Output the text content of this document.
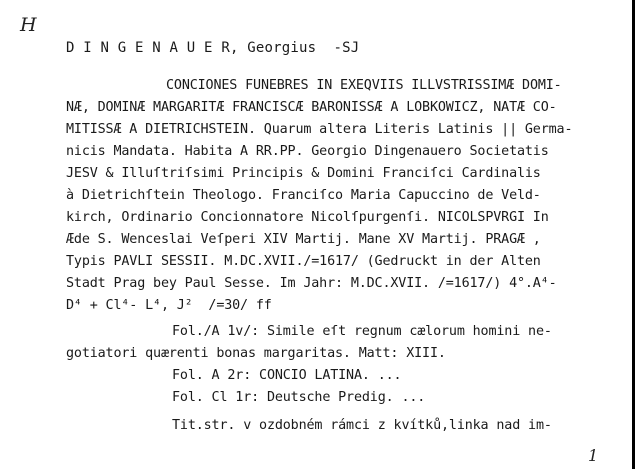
H
D I N G E N A U E R, Georgius  -SJ
CONCIONES FUNEBRES IN EXEQVIIS ILLVSTRISSIMÆ DOMI-
NÆ, DOMINÆ MARGARITÆ FRANCISCÆ BARONISSÆ A LOBKOWICZ, NATÆ CO-
MITISSÆ A DIETRICHSTEIN. Quarum altera Literis Latinis || Germa-
nicis Mandata. Habita A RR.PP. Georgio Dingenauero Societatis
JESV & Illuſtriſsimi Principis & Domini Franciſci Cardinalis
à Dietrichſtein Theologo. Franciſco Maria Capuccino de Veld-
kirch, Ordinario Concionnatore Nicolſpurgenſi. NICOLSPVRGI In
Æde S. Wenceslai Veſperi XIV Martij. Mane XV Martij. PRAGÆ ,
Typis PAVLI SESSII. M.DC.XVII./=1617/ (Gedruckt in der Alten
Stadt Prag bey Paul Sesse. Im Jahr: M.DC.XVII. /=1617/) 4°.A⁴-
D⁴ + Cl⁴- L⁴, J²  /=30/ ff
Fol./A 1v/: Simile eſt regnum cælorum homini ne-
gotiatori quærenti bonas margaritas. Matt: XIII.
Fol. A 2r: CONCIO LATINA. ...
Fol. Cl 1r: Deutsche Predig. ...
Tit.str. v ozdobném rámci z kvítků,linka nad im-
1
